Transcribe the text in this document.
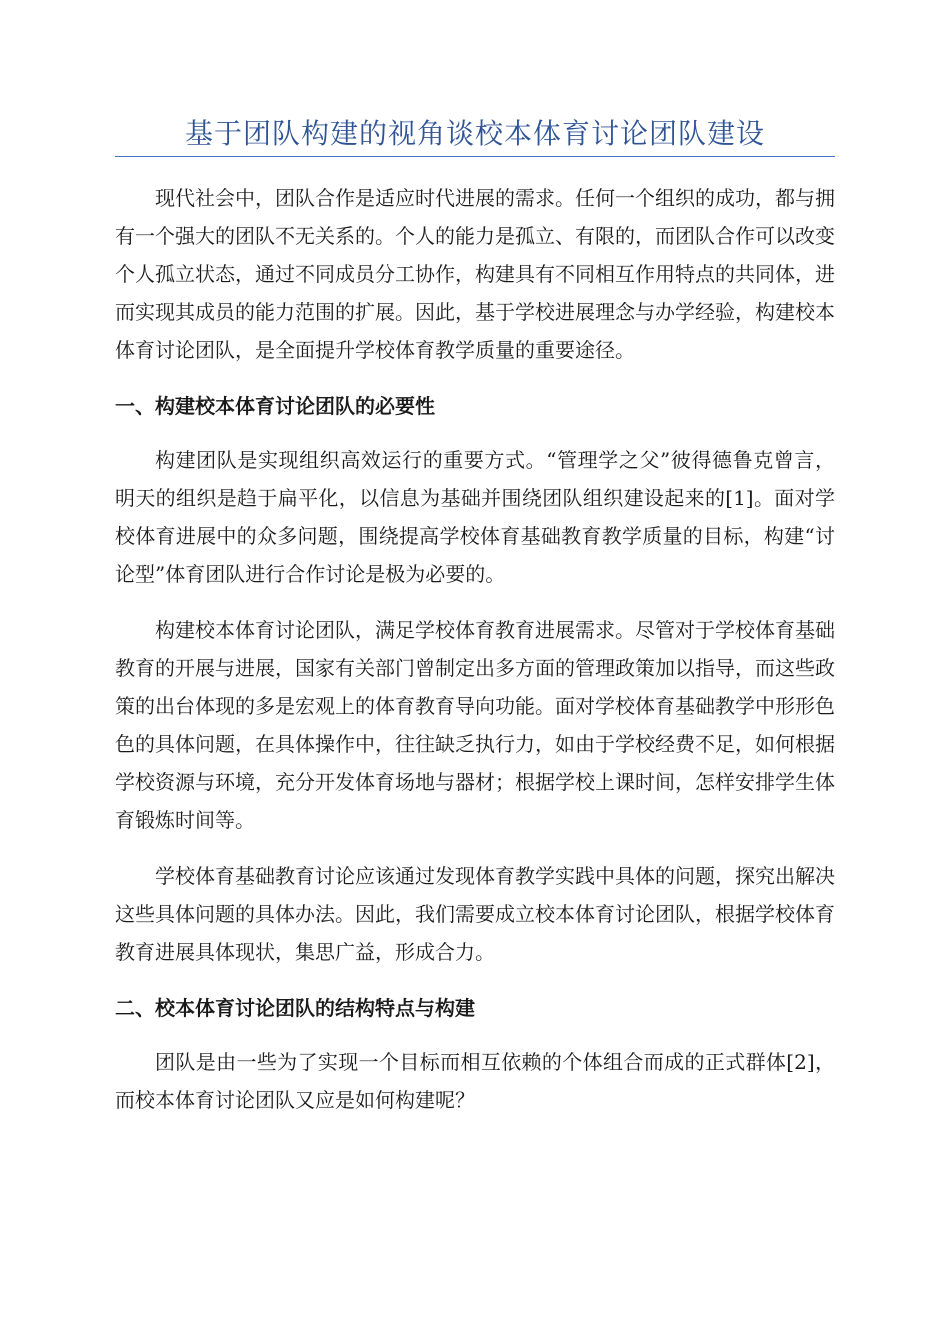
基于团队构建的视角谈校本体育讨论团队建设

现代社会中，团队合作是适应时代进展的需求。任何一个组织的成功，都与拥有一个强大的团队不无关系的。个人的能力是孤立、有限的，而团队合作可以改变个人孤立状态，通过不同成员分工协作，构建具有不同相互作用特点的共同体，进而实现其成员的能力范围的扩展。因此，基于学校进展理念与办学经验，构建校本体育讨论团队，是全面提升学校体育教学质量的重要途径。

一、构建校本体育讨论团队的必要性

构建团队是实现组织高效运行的重要方式。“管理学之父”彼得德鲁克曾言，明天的组织是趋于扁平化，以信息为基础并围绕团队组织建设起来的[1]。面对学校体育进展中的众多问题，围绕提高学校体育基础教育教学质量的目标，构建“讨论型”体育团队进行合作讨论是极为必要的。

构建校本体育讨论团队，满足学校体育教育进展需求。尽管对于学校体育基础教育的开展与进展，国家有关部门曾制定出多方面的管理政策加以指导，而这些政策的出台体现的多是宏观上的体育教育导向功能。面对学校体育基础教学中形形色色的具体问题，在具体操作中，往往缺乏执行力，如由于学校经费不足，如何根据学校资源与环境，充分开发体育场地与器材；根据学校上课时间，怎样安排学生体育锻炼时间等。

学校体育基础教育讨论应该通过发现体育教学实践中具体的问题，探究出解决这些具体问题的具体办法。因此，我们需要成立校本体育讨论团队，根据学校体育教育进展具体现状，集思广益，形成合力。

二、校本体育讨论团队的结构特点与构建

团队是由一些为了实现一个目标而相互依赖的个体组合而成的正式群体[2]，而校本体育讨论团队又应是如何构建呢？
